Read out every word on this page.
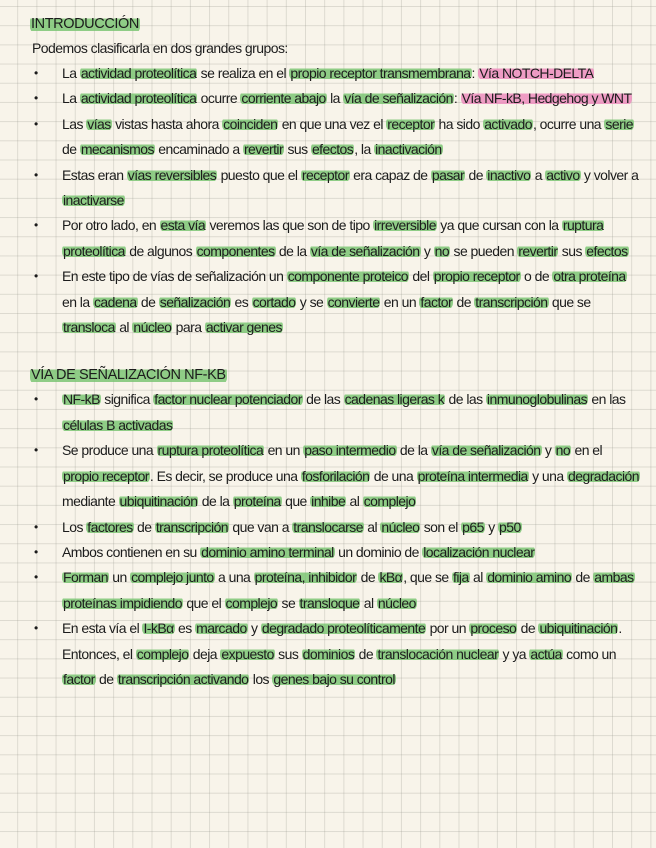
INTRODUCCIÓN
Podemos clasificarla en dos grandes grupos:
• La actividad proteolítica se realiza en el propio receptor transmembrana: Vía NOTCH-DELTA
• La actividad proteolítica ocurre corriente abajo la vía de señalización: Vía NF-kB, Hedgehog y WNT
• Las vías vistas hasta ahora coinciden en que una vez el receptor ha sido activado, ocurre una serie de mecanismos encaminado a revertir sus efectos, la inactivación
• Estas eran vías reversibles puesto que el receptor era capaz de pasar de inactivo a activo y volver a inactivarse
• Por otro lado, en esta vía veremos las que son de tipo irreversible ya que cursan con la ruptura proteolítica de algunos componentes de la vía de señalización y no se pueden revertir sus efectos
• En este tipo de vías de señalización un componente proteico del propio receptor o de otra proteína en la cadena de señalización es cortado y se convierte en un factor de transcripción que se transloca al núcleo para activar genes
VÍA DE SEÑALIZACIÓN NF-KB
• NF-kB significa factor nuclear potenciador de las cadenas ligeras k de las inmunoglobulinas en las células B activadas
• Se produce una ruptura proteolítica en un paso intermedio de la vía de señalización y no en el propio receptor. Es decir, se produce una fosforilación de una proteína intermedia y una degradación mediante ubiquitinación de la proteína que inhibe al complejo
• Los factores de transcripción que van a translocarse al núcleo son el p65 y p50
• Ambos contienen en su dominio amino terminal un dominio de localización nuclear
• Forman un complejo junto a una proteína, inhibidor de kBα, que se fija al dominio amino de ambas proteínas impidiendo que el complejo se transloque al núcleo
• En esta vía el I-kBα es marcado y degradado proteolíticamente por un proceso de ubiquitinación. Entonces, el complejo deja expuesto sus dominios de translocación nuclear y ya actúa como un factor de transcripción activando los genes bajo su control
